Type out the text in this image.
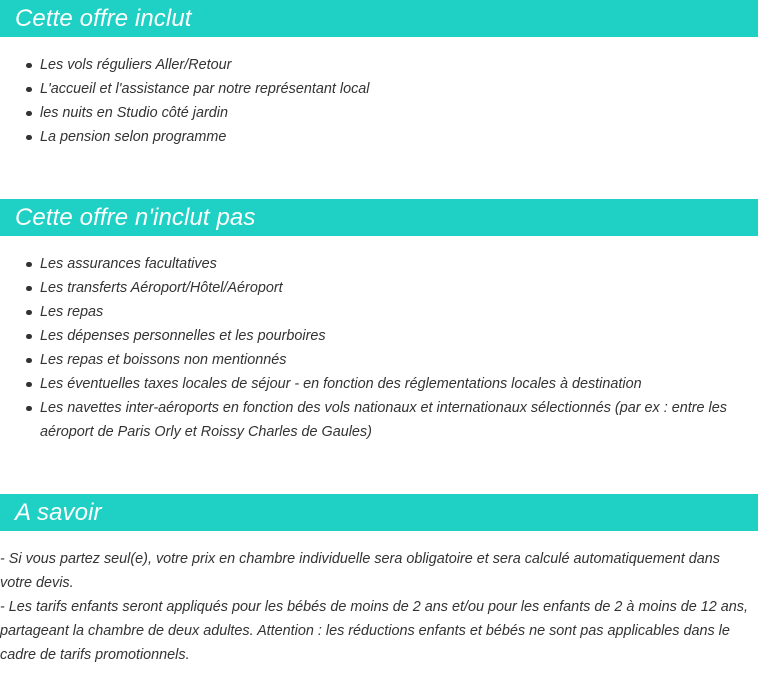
Cette offre inclut
Les vols réguliers Aller/Retour
L'accueil et l'assistance par notre représentant local
les nuits en Studio côté jardin
La pension selon programme
Cette offre n'inclut pas
Les assurances facultatives
Les transferts Aéroport/Hôtel/Aéroport
Les repas
Les dépenses personnelles et les pourboires
Les repas et boissons non mentionnés
Les éventuelles taxes locales de séjour - en fonction des réglementations locales à destination
Les navettes inter-aéroports en fonction des vols nationaux et internationaux sélectionnés (par ex : entre les aéroport de Paris Orly et Roissy Charles de Gaules)
A savoir

- Si vous partez seul(e), votre prix en chambre individuelle sera obligatoire et sera calculé automatiquement dans votre devis.

- Les tarifs enfants seront appliqués pour les bébés de moins de 2 ans et/ou pour les enfants de 2 à moins de 12 ans, partageant la chambre de deux adultes. Attention : les réductions enfants et bébés ne sont pas applicables dans le cadre de tarifs promotionnels.
